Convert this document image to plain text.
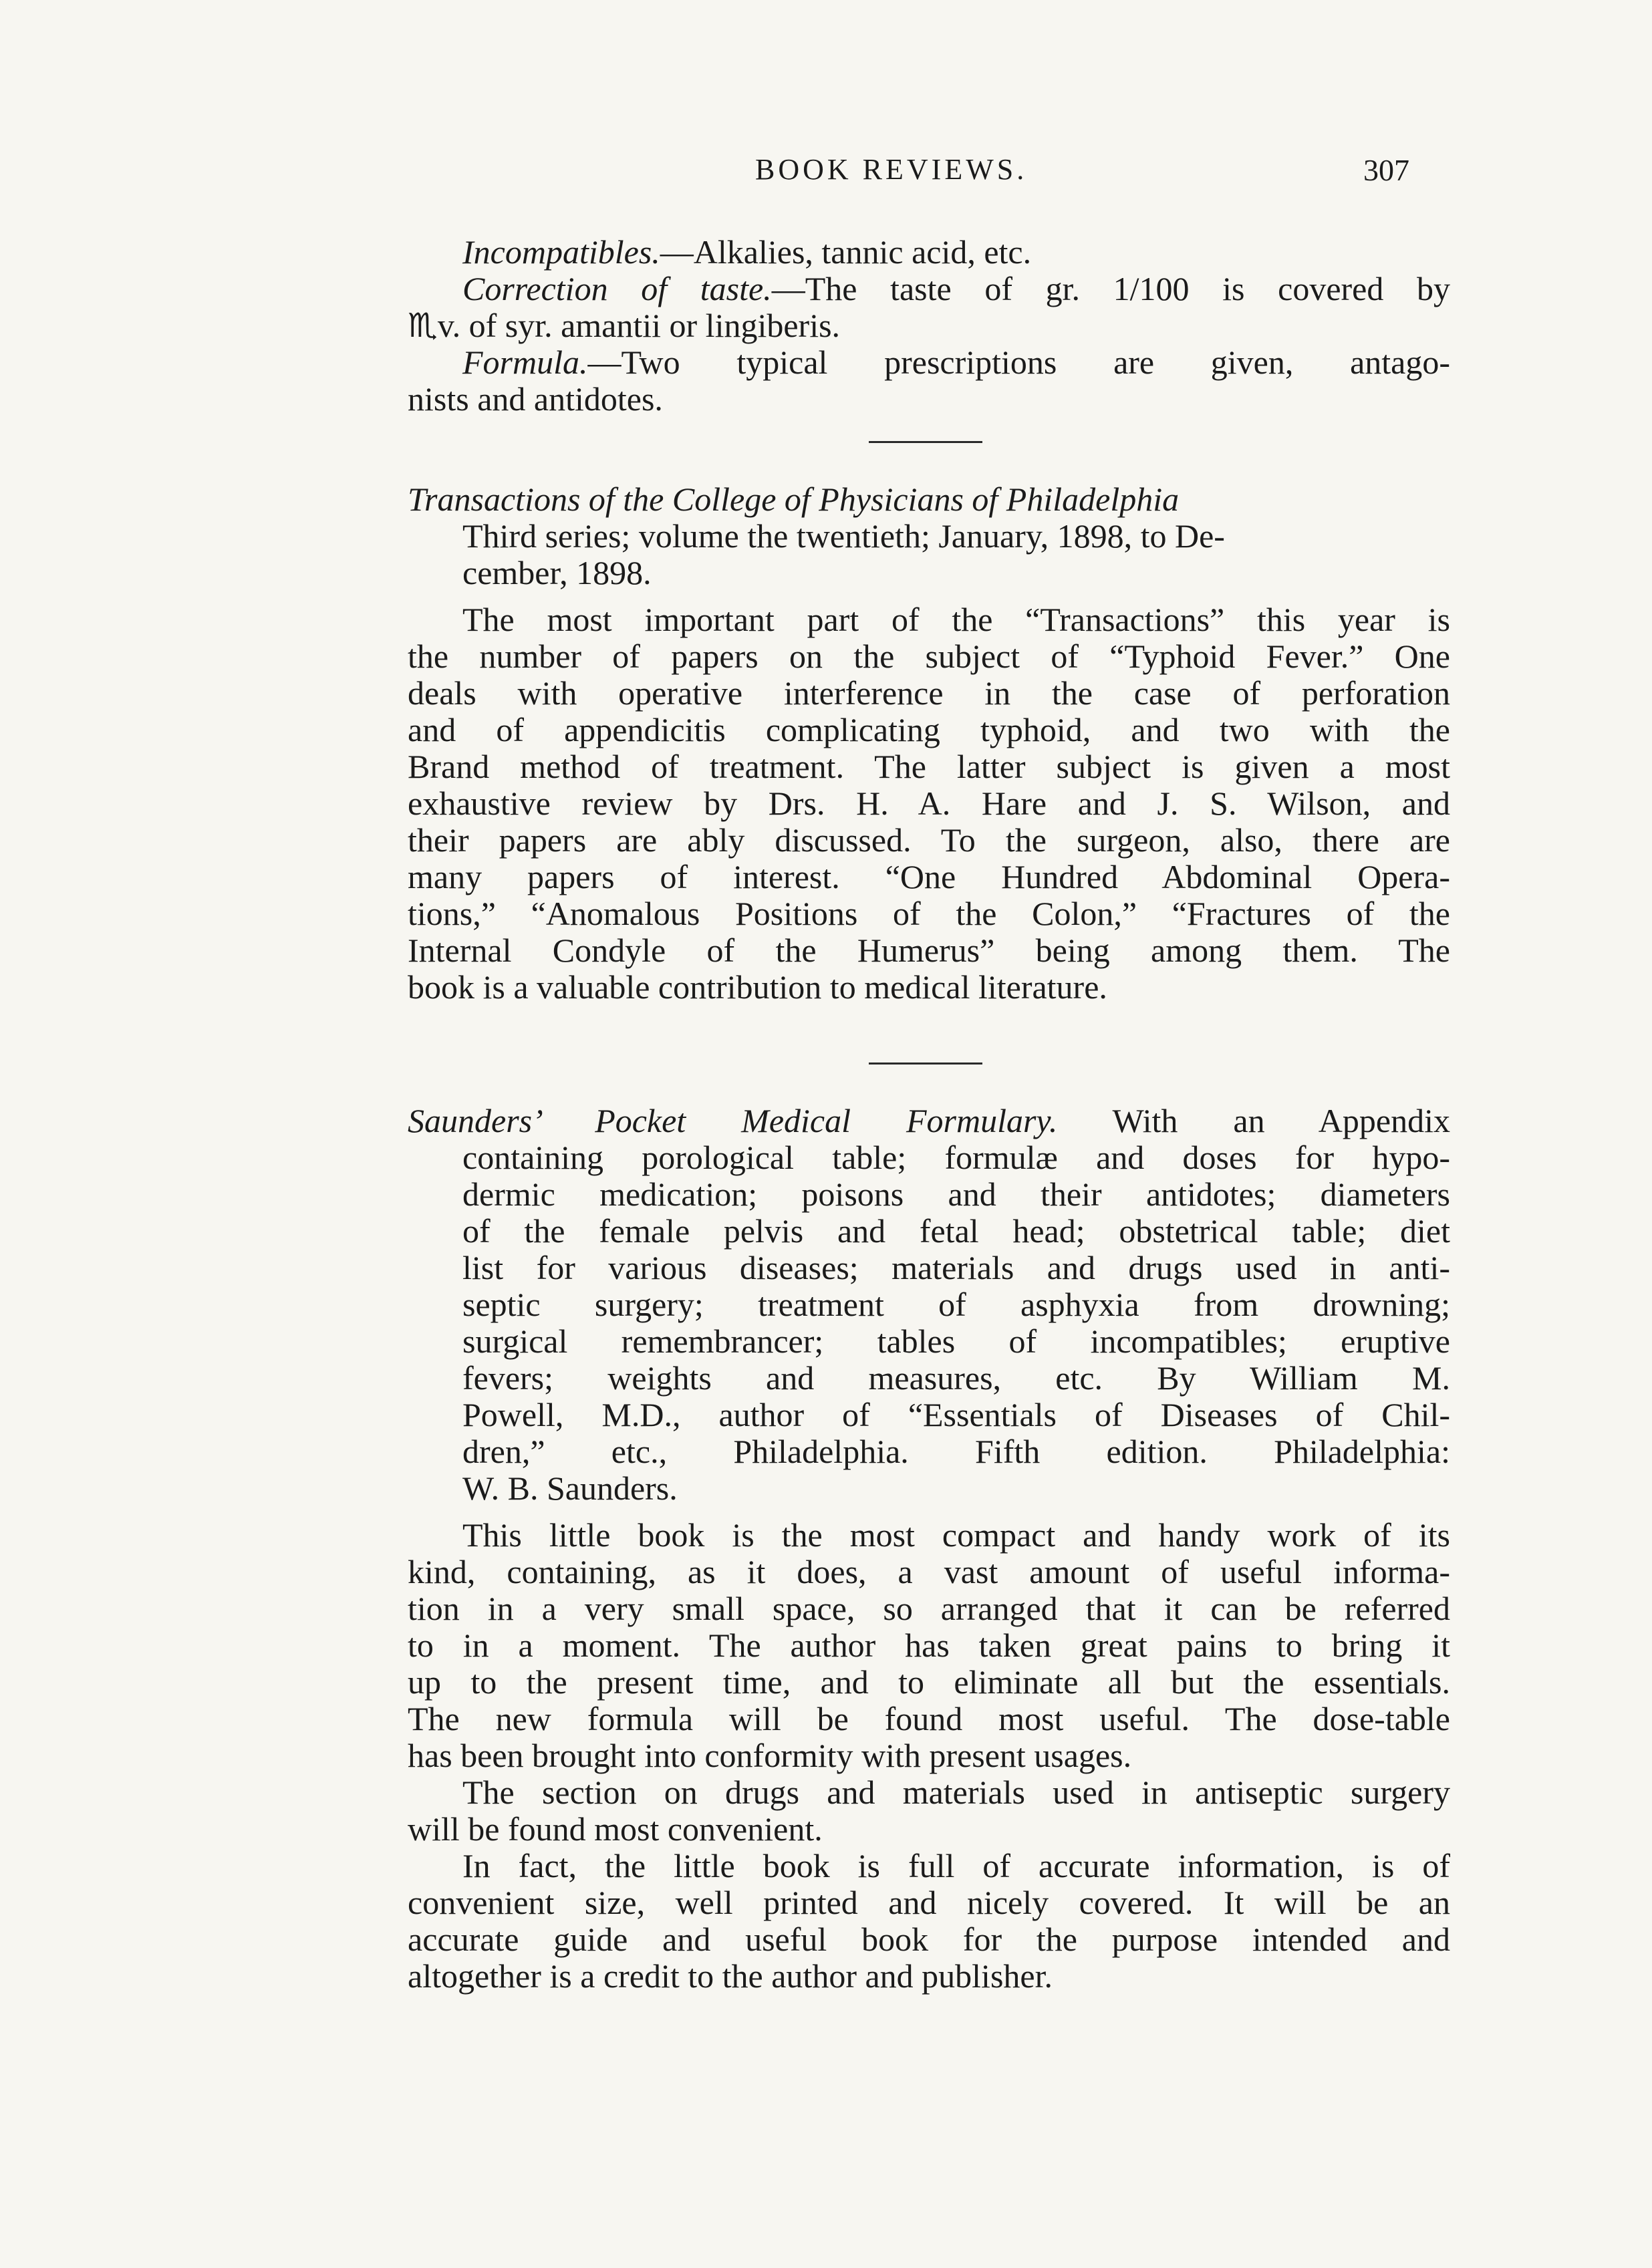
BOOK REVIEWS.	307
Incompatibles.—Alkalies, tannic acid, etc.
Correction of taste.—The taste of gr. 1/100 is covered by
♏︎v. of syr. amantii or lingiberis.
Formula.—Two typical prescriptions are given, antago-
nists and antidotes.
Transactions of the College of Physicians of Philadelphia
Third series; volume the twentieth; January, 1898, to De-
cember, 1898.
The most important part of the “Transactions” this year is
the number of papers on the subject of “Typhoid Fever.” One
deals with operative interference in the case of perforation
and of appendicitis complicating typhoid, and two with the
Brand method of treatment. The latter subject is given a most
exhaustive review by Drs. H. A. Hare and J. S. Wilson, and
their papers are ably discussed. To the surgeon, also, there are
many papers of interest. “One Hundred Abdominal Opera-
tions,” “Anomalous Positions of the Colon,” “Fractures of the
Internal Condyle of the Humerus” being among them. The
book is a valuable contribution to medical literature.
Saunders’ Pocket Medical Formulary. With an Appendix
containing porological table; formulæ and doses for hypo-
dermic medication; poisons and their antidotes; diameters
of the female pelvis and fetal head; obstetrical table; diet
list for various diseases; materials and drugs used in anti-
septic surgery; treatment of asphyxia from drowning;
surgical remembrancer; tables of incompatibles; eruptive
fevers; weights and measures, etc. By William M.
Powell, M.D., author of “Essentials of Diseases of Chil-
dren,” etc., Philadelphia. Fifth edition. Philadelphia:
W. B. Saunders.
This little book is the most compact and handy work of its
kind, containing, as it does, a vast amount of useful informa-
tion in a very small space, so arranged that it can be referred
to in a moment. The author has taken great pains to bring it
up to the present time, and to eliminate all but the essentials.
The new formula will be found most useful. The dose-table
has been brought into conformity with present usages.
The section on drugs and materials used in antiseptic surgery
will be found most convenient.
In fact, the little book is full of accurate information, is of
convenient size, well printed and nicely covered. It will be an
accurate guide and useful book for the purpose intended and
altogether is a credit to the author and publisher.
